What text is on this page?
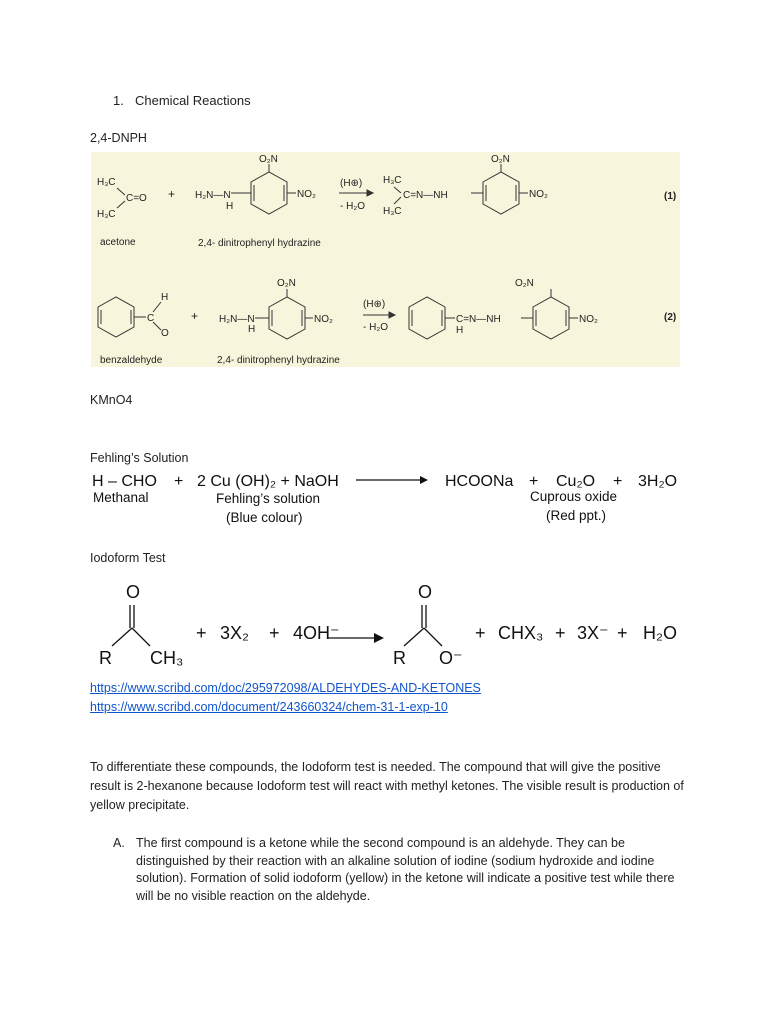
1. Chemical Reactions
2,4-DNPH
H₃C
H₃C
C=O + H₂N—N
H
O₂N
NO₂
(H⊕)
- H₂O
H₃C
H₃C
C=N—NH
O₂N
NO₂	(1)
acetone	2,4- dinitrophenyl hydrazine
C
H
O
+ H₂N—N
H
O₂N
NO₂
(H⊕)
- H₂O
C=N—NH
H
O₂N
NO₂	(2)
benzaldehyde	2,4- dinitrophenyl hydrazine
KMnO4
Fehling’s Solution
H – CHO + 2 Cu (OH)₂ + NaOH	HCOONa + Cu₂O + 3H₂O
Methanal	Fehling’s solution
(Blue colour)
Cuprous oxide
(Red ppt.)
Iodoform Test
O
R CH₃
+ 3X₂ + 4OH⁻
O
R O⁻
+ CHX₃ + 3X⁻ + H₂O
https://www.scribd.com/doc/295972098/ALDEHYDES-AND-KETONES
https://www.scribd.com/document/243660324/chem-31-1-exp-10
To differentiate these compounds, the Iodoform test is needed. The compound that will give the positive result is 2-hexanone because Iodoform test will react with methyl ketones. The visible result is production of yellow precipitate.
A. The first compound is a ketone while the second compound is an aldehyde. They can be distinguished by their reaction with an alkaline solution of iodine (sodium hydroxide and iodine solution). Formation of solid iodoform (yellow) in the ketone will indicate a positive test while there will be no visible reaction on the aldehyde.
